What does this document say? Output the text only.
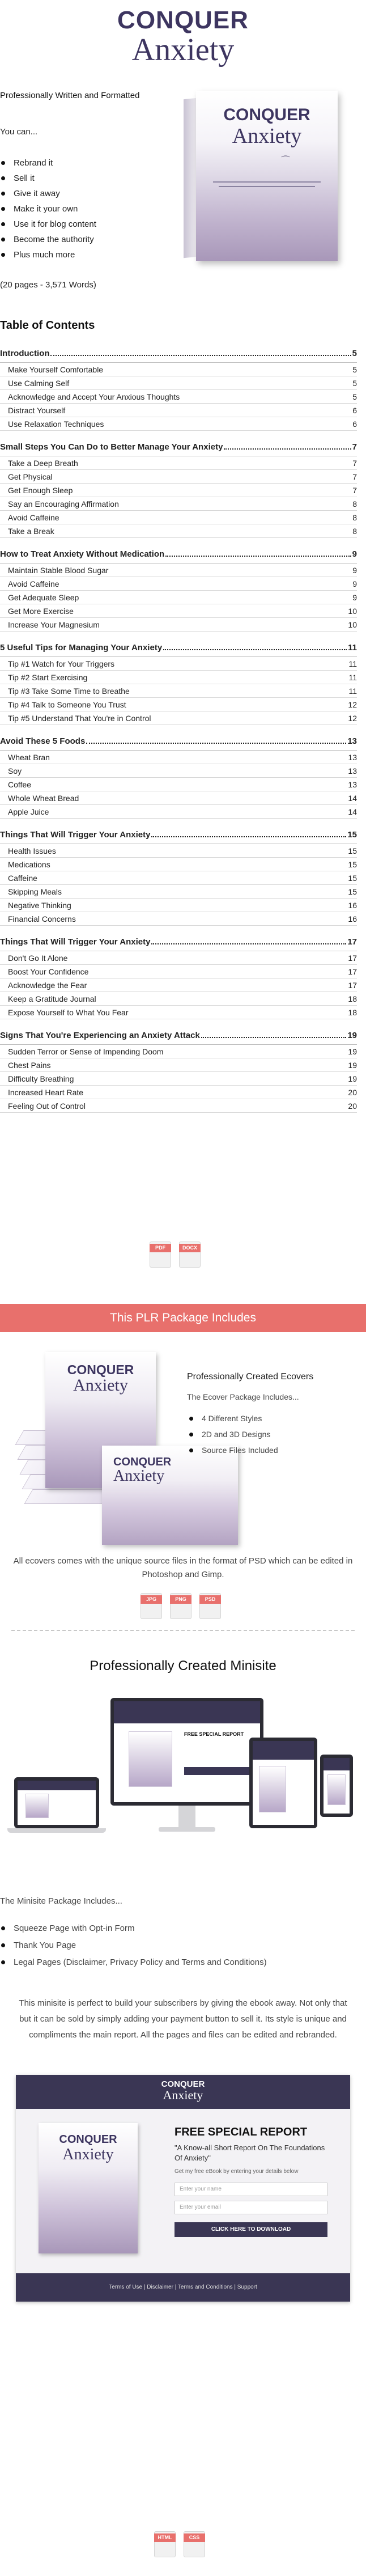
CONQUER
Anxiety
Professionally Written and Formatted
You can...
Rebrand it
Sell it
Give it away
Make it your own
Use it for blog content
Become the authority
Plus much more
(20 pages - 3,571 Words)
CONQUER
Anxiety
⌒
Table of Contents
Introduction	5
Make Yourself Comfortable	5
Use Calming Self	5
Acknowledge and Accept Your Anxious Thoughts	5
Distract Yourself	6
Use Relaxation Techniques	6
Small Steps You Can Do to Better Manage Your Anxiety	7
Take a Deep Breath	7
Get Physical	7
Get Enough Sleep	7
Say an Encouraging Affirmation	8
Avoid Caffeine	8
Take a Break	8
How to Treat Anxiety Without Medication	9
Maintain Stable Blood Sugar	9
Avoid Caffeine	9
Get Adequate Sleep	9
Get More Exercise	10
Increase Your Magnesium	10
5 Useful Tips for Managing Your Anxiety	11
Tip #1 Watch for Your Triggers	11
Tip #2 Start Exercising	11
Tip #3 Take Some Time to Breathe	11
Tip #4 Talk to Someone You Trust	12
Tip #5 Understand That You're in Control	12
Avoid These 5 Foods	13
Wheat Bran	13
Soy	13
Coffee	13
Whole Wheat Bread	14
Apple Juice	14
Things That Will Trigger Your Anxiety	15
Health Issues	15
Medications	15
Caffeine	15
Skipping Meals	15
Negative Thinking	16
Financial Concerns	16
Things That Will Trigger Your Anxiety	17
Don't Go It Alone	17
Boost Your Confidence	17
Acknowledge the Fear	17
Keep a Gratitude Journal	18
Expose Yourself to What You Fear	18
Signs That You're Experiencing an Anxiety Attack	19
Sudden Terror or Sense of Impending Doom	19
Chest Pains	19
Difficulty Breathing	19
Increased Heart Rate	20
Feeling Out of Control	20
PDF	DOCX
This PLR Package Includes
CONQUER
Anxiety
CONQUER
Anxiety
Professionally Created Ecovers
The Ecover Package Includes...
4 Different Styles
2D and 3D Designs
Source Files Included
All ecovers comes with the unique source files in the format of PSD which can be edited in Photoshop and Gimp.
JPG	PNG	PSD
Professionally Created Minisite
FREE SPECIAL REPORT
The Minisite Package Includes...
Squeeze Page with Opt-in Form
Thank You Page
Legal Pages (Disclaimer, Privacy Policy and Terms and Conditions)
This minisite is perfect to build your subscribers by giving the ebook away. Not only that but it can be sold by simply adding your payment button to sell it. Its style is unique and compliments the main report. All the pages and files can be edited and rebranded.
CONQUER
Anxiety
CONQUER
Anxiety
FREE SPECIAL REPORT
"A Know-all Short Report On The Foundations Of Anxiety"
Get my free eBook by entering your details below
Enter your name
Enter your email
CLICK HERE TO DOWNLOAD
Terms of Use | Disclaimer | Terms and Conditions | Support
HTML	CSS
